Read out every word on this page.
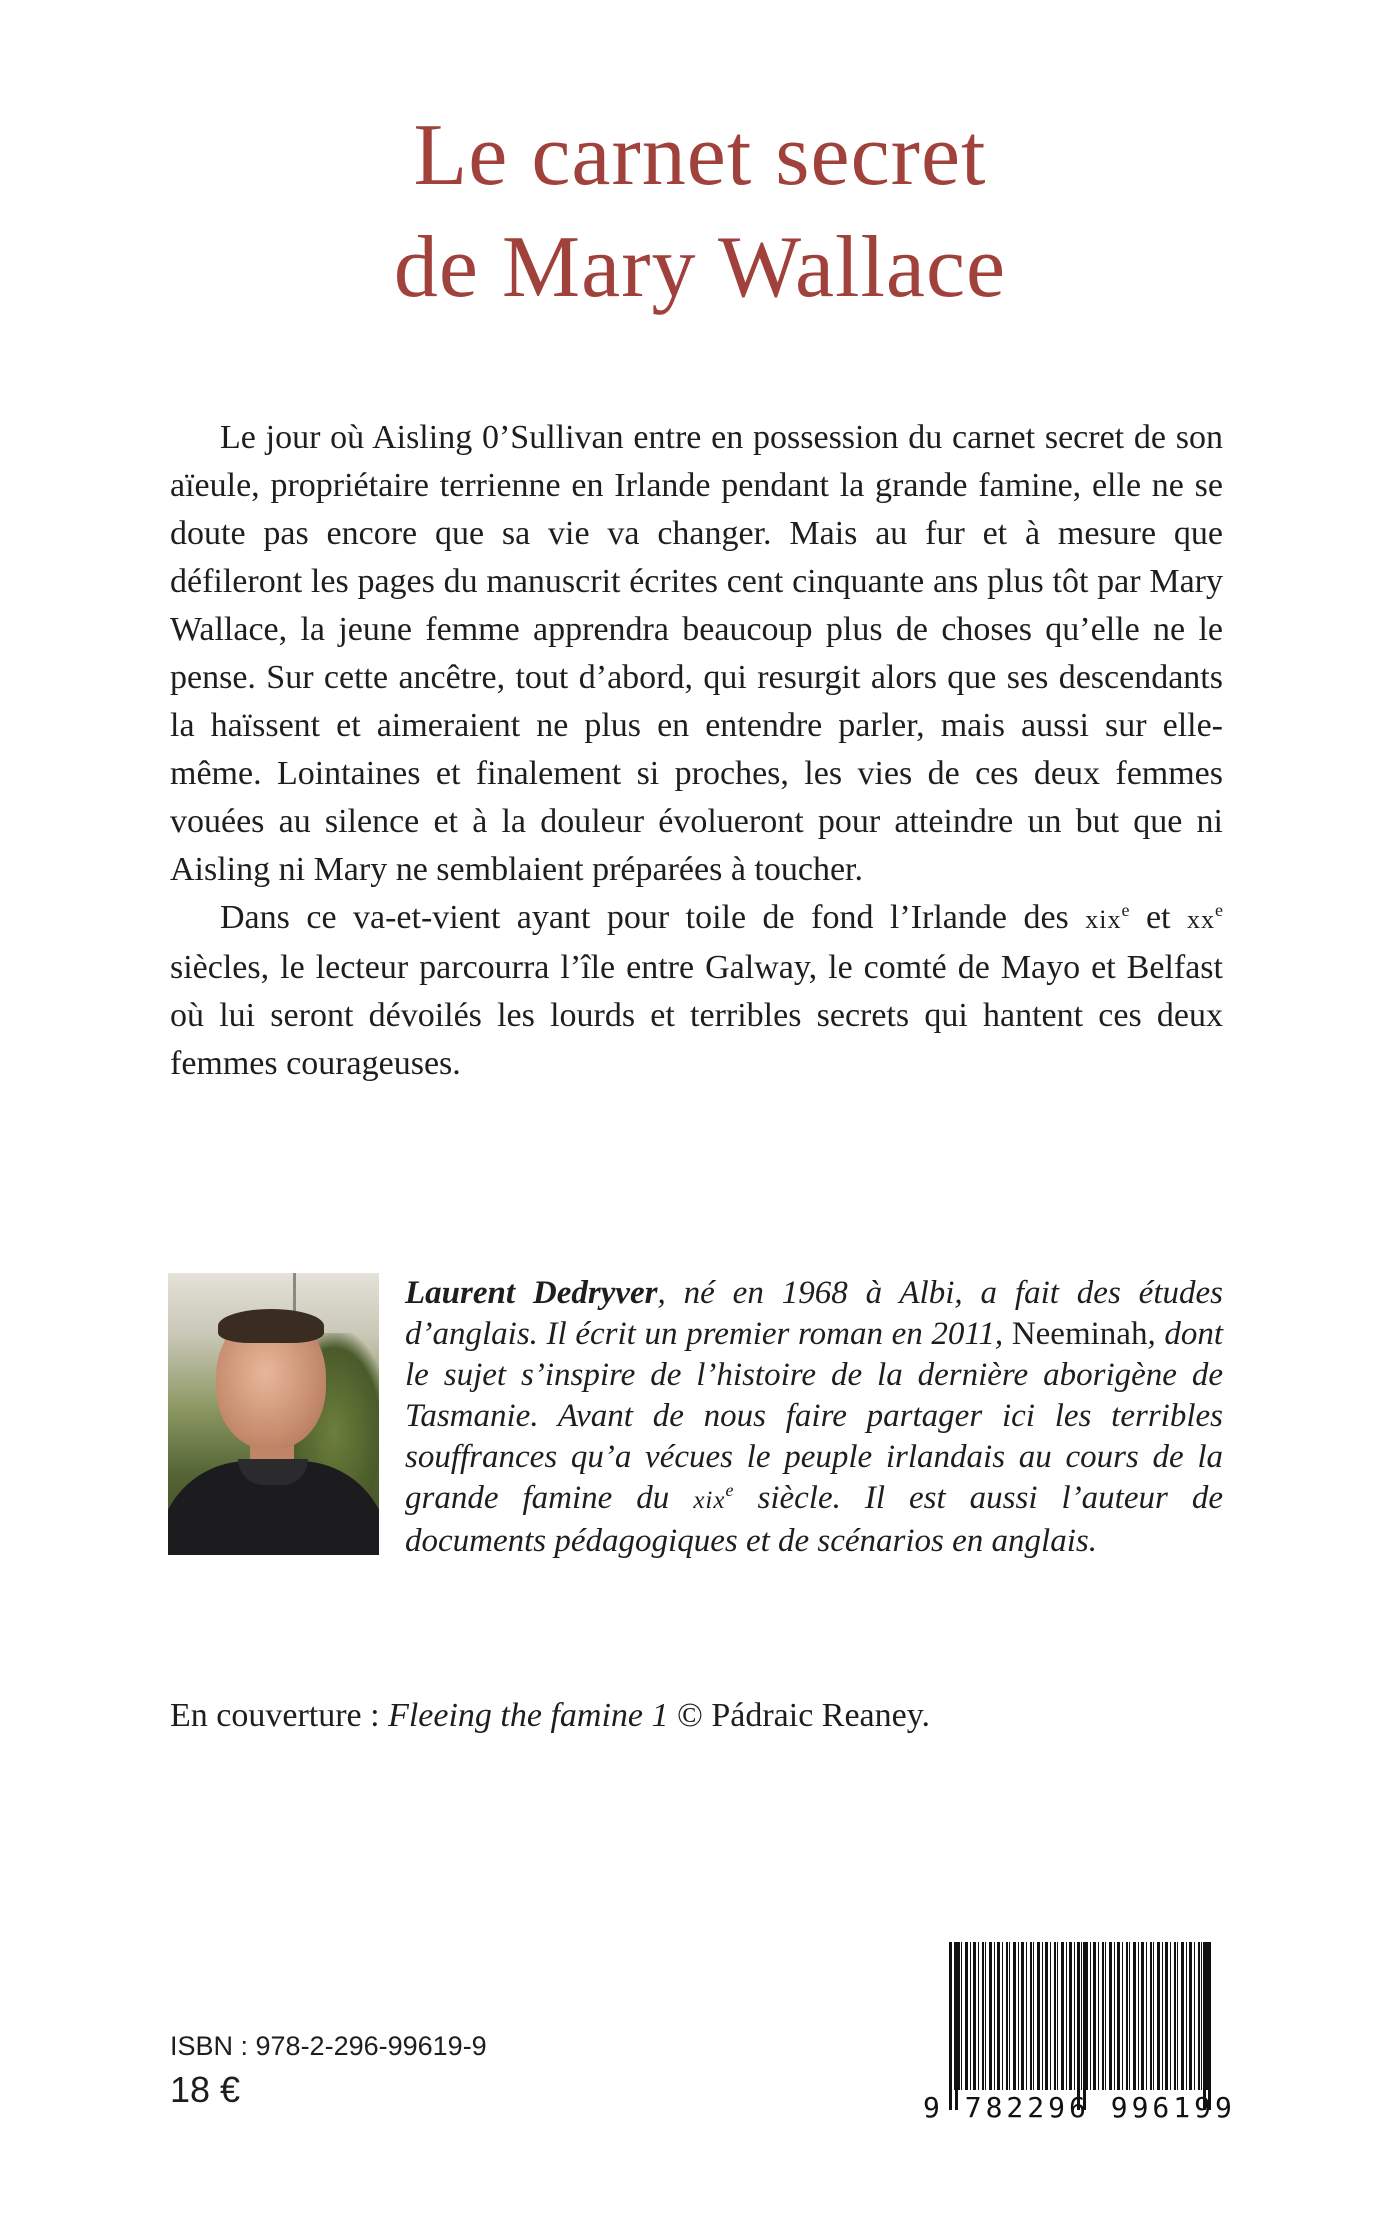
Le carnet secret
de Mary Wallace

Le jour où Aisling 0’Sullivan entre en possession du carnet secret de son aïeule, propriétaire terrienne en Irlande pendant la grande famine, elle ne se doute pas encore que sa vie va changer. Mais au fur et à mesure que défileront les pages du manuscrit écrites cent cinquante ans plus tôt par Mary Wallace, la jeune femme apprendra beaucoup plus de choses qu’elle ne le pense. Sur cette ancêtre, tout d’abord, qui resurgit alors que ses descendants la haïssent et aimeraient ne plus en entendre parler, mais aussi sur elle-même. Lointaines et finalement si proches, les vies de ces deux femmes vouées au silence et à la douleur évolueront pour atteindre un but que ni Aisling ni Mary ne semblaient préparées à toucher.

Dans ce va-et-vient ayant pour toile de fond l’Irlande des xix$^e$ et $xx^e$ siècles, le lecteur parcourra l’île entre Galway, le comté de Mayo et Belfast où lui seront dévoilés les lourds et terribles secrets qui hantent ces deux femmes courageuses.

Laurent Dedryver, né en 1968 à Albi, a fait des études d’anglais. Il écrit un premier roman en 2011, Neeminah, dont le sujet s’inspire de l’histoire de la dernière aborigène de Tasmanie. Avant de nous faire partager ici les terribles souffrances qu’a vécues le peuple irlandais au cours de la grande famine du xix$^e$ siècle. Il est aussi l’auteur de documents pédagogiques et de scénarios en anglais.
En couverture : Fleeing the famine 1 © Pádraic Reaney.
ISBN : 978-2-296-99619-9
18 €	9 782296 996199
